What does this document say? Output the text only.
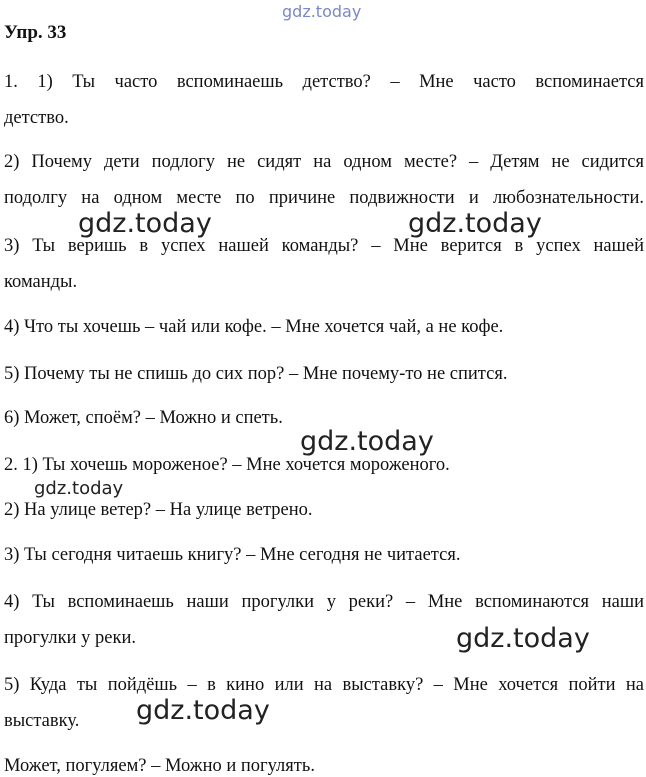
gdz.today
Упр. 33

1. 1) Ты часто вспоминаешь детство? – Мне часто вспоминается

детство.

2) Почему дети подлогу не сидят на одном месте? – Детям не сидится

подолгу на одном месте по причине подвижности и любознательности.

3) Ты веришь в успех нашей команды? – Мне верится в успех нашей

команды.

4) Что ты хочешь – чай или кофе. – Мне хочется чай, а не кофе.

5) Почему ты не спишь до сих пор? – Мне почему-то не спится.

6) Может, споём? – Можно и спеть.

2. 1) Ты хочешь мороженое? – Мне хочется мороженого.

2) На улице ветер? – На улице ветрено.

3) Ты сегодня читаешь книгу? – Мне сегодня не читается.

4) Ты вспоминаешь наши прогулки у реки? – Мне вспоминаются наши

прогулки у реки.

5) Куда ты пойдёшь – в кино или на выставку? – Мне хочется пойти на

выставку.

Может, погуляем? – Можно и погулять.

gdz.today	gdz.today
gdz.today
gdz.today
gdz.today
gdz.today
